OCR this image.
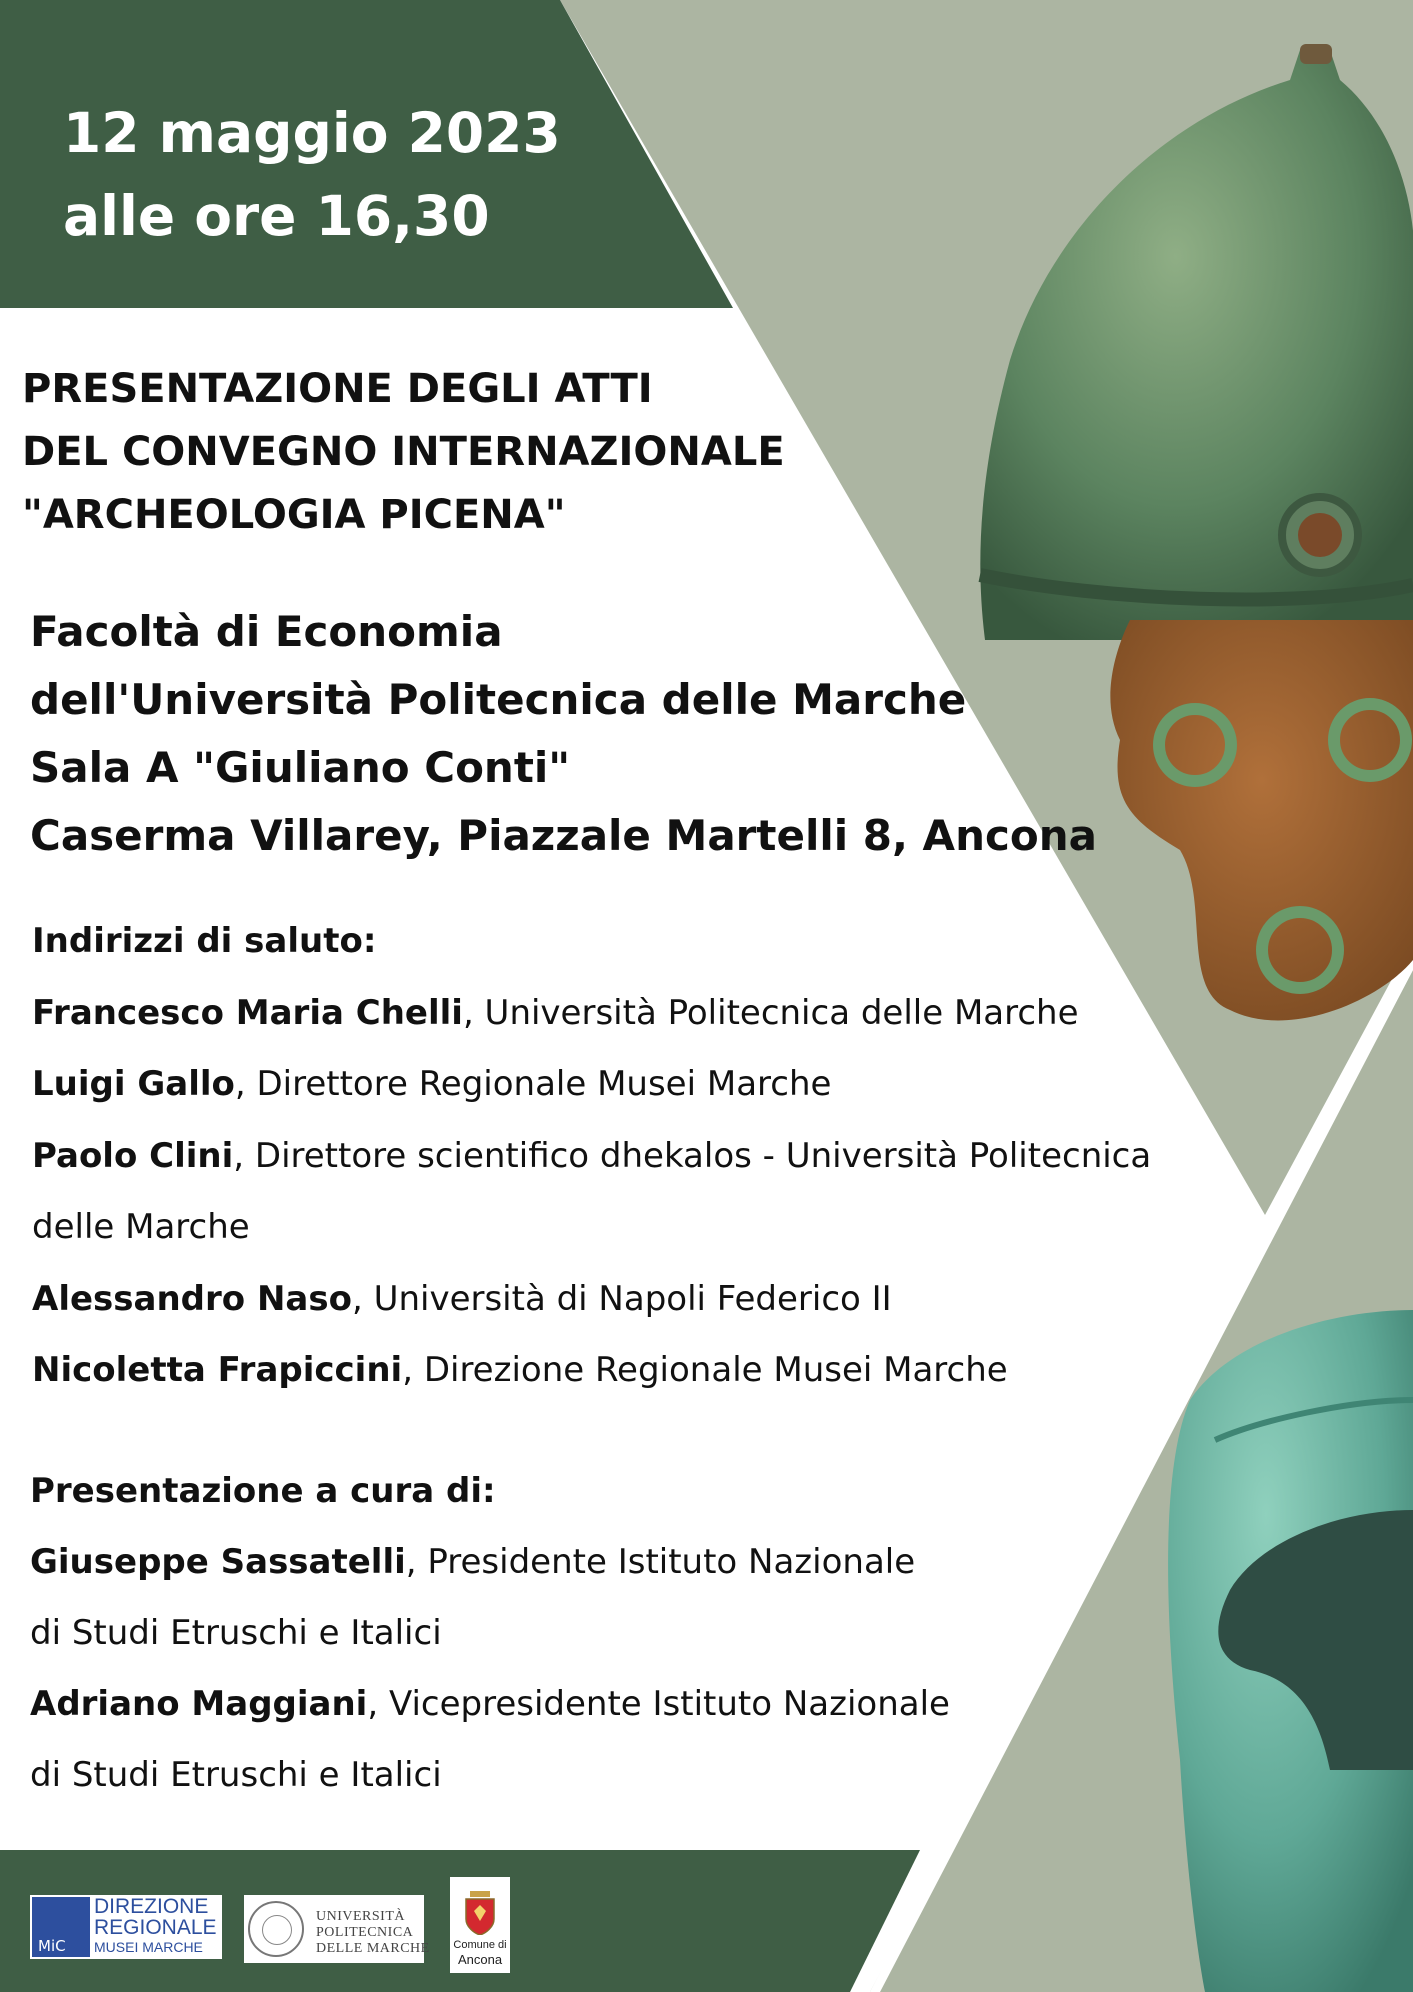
12 maggio 2023
alle ore 16,30
PRESENTAZIONE DEGLI ATTI
DEL CONVEGNO INTERNAZIONALE
"ARCHEOLOGIA PICENA"
Facoltà di Economia
dell'Università Politecnica delle Marche
Sala A "Giuliano Conti"
Caserma Villarey, Piazzale Martelli 8, Ancona
Indirizzi di saluto:
Francesco Maria Chelli, Università Politecnica delle Marche
Luigi Gallo, Direttore Regionale Musei Marche
Paolo Clini, Direttore scientifico dhekalos - Università Politecnica
delle Marche
Alessandro Naso, Università di Napoli Federico II
Nicoletta Frapiccini, Direzione Regionale Musei Marche
Presentazione a cura di:
Giuseppe Sassatelli, Presidente Istituto Nazionale
di Studi Etruschi e Italici
Adriano Maggiani, Vicepresidente Istituto Nazionale
di Studi Etruschi e Italici
MiC
DIREZIONE
REGIONALE
MUSEI MARCHE
UNIVERSITÀ
POLITECNICA
DELLE MARCHE	Comune di
Ancona
